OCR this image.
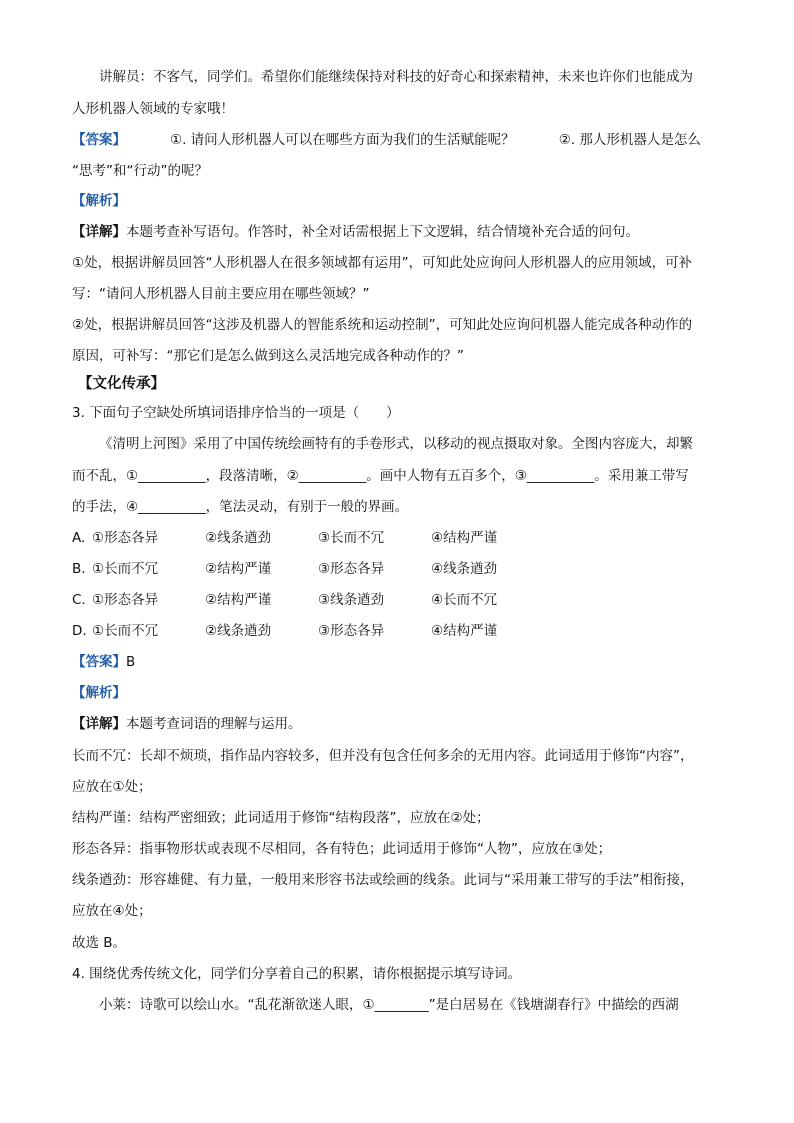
讲解员：不客气，同学们。希望你们能继续保持对科技的好奇心和探索精神，未来也许你们也能成为
人形机器人领域的专家哦！
【答案】	①. 请问人形机器人可以在哪些方面为我们的生活赋能呢？	②. 那人形机器人是怎么
“思考”和“行动”的呢？
【解析】
【详解】本题考查补写语句。作答时，补全对话需根据上下文逻辑，结合情境补充合适的问句。
①处，根据讲解员回答“人形机器人在很多领域都有运用”，可知此处应询问人形机器人的应用领域，可补
写：“请问人形机器人目前主要应用在哪些领域？”
②处，根据讲解员回答“这涉及机器人的智能系统和运动控制”，可知此处应询问机器人能完成各种动作的
原因，可补写：“那它们是怎么做到这么灵活地完成各种动作的？”
【文化传承】
3. 下面句子空缺处所填词语排序恰当的一项是（　　）
《清明上河图》采用了中国传统绘画特有的手卷形式，以移动的视点摄取对象。全图内容庞大，却繁
而不乱，①__________，段落清晰，②__________。画中人物有五百多个，③__________。采用兼工带写
的手法，④__________，笔法灵动，有别于一般的界画。
A. ①形态各异	②线条遒劲	③长而不冗	④结构严谨
B. ①长而不冗	②结构严谨	③形态各异	④线条遒劲
C. ①形态各异	②结构严谨	③线条遒劲	④长而不冗
D. ①长而不冗	②线条遒劲	③形态各异	④结构严谨
【答案】B
【解析】
【详解】本题考查词语的理解与运用。
长而不冗：长却不烦琐，指作品内容较多，但并没有包含任何多余的无用内容。此词适用于修饰“内容”，
应放在①处；
结构严谨：结构严密细致；此词适用于修饰“结构段落”，应放在②处；
形态各异：指事物形状或表现不尽相同，各有特色；此词适用于修饰“人物”，应放在③处；
线条遒劲：形容雄健、有力量，一般用来形容书法或绘画的线条。此词与“采用兼工带写的手法”相衔接，
应放在④处；
故选 B。
4. 围绕优秀传统文化，同学们分享着自己的积累，请你根据提示填写诗词。
小莱：诗歌可以绘山水。“乱花渐欲迷人眼，①________”是白居易在《钱塘湖春行》中描绘的西湖
